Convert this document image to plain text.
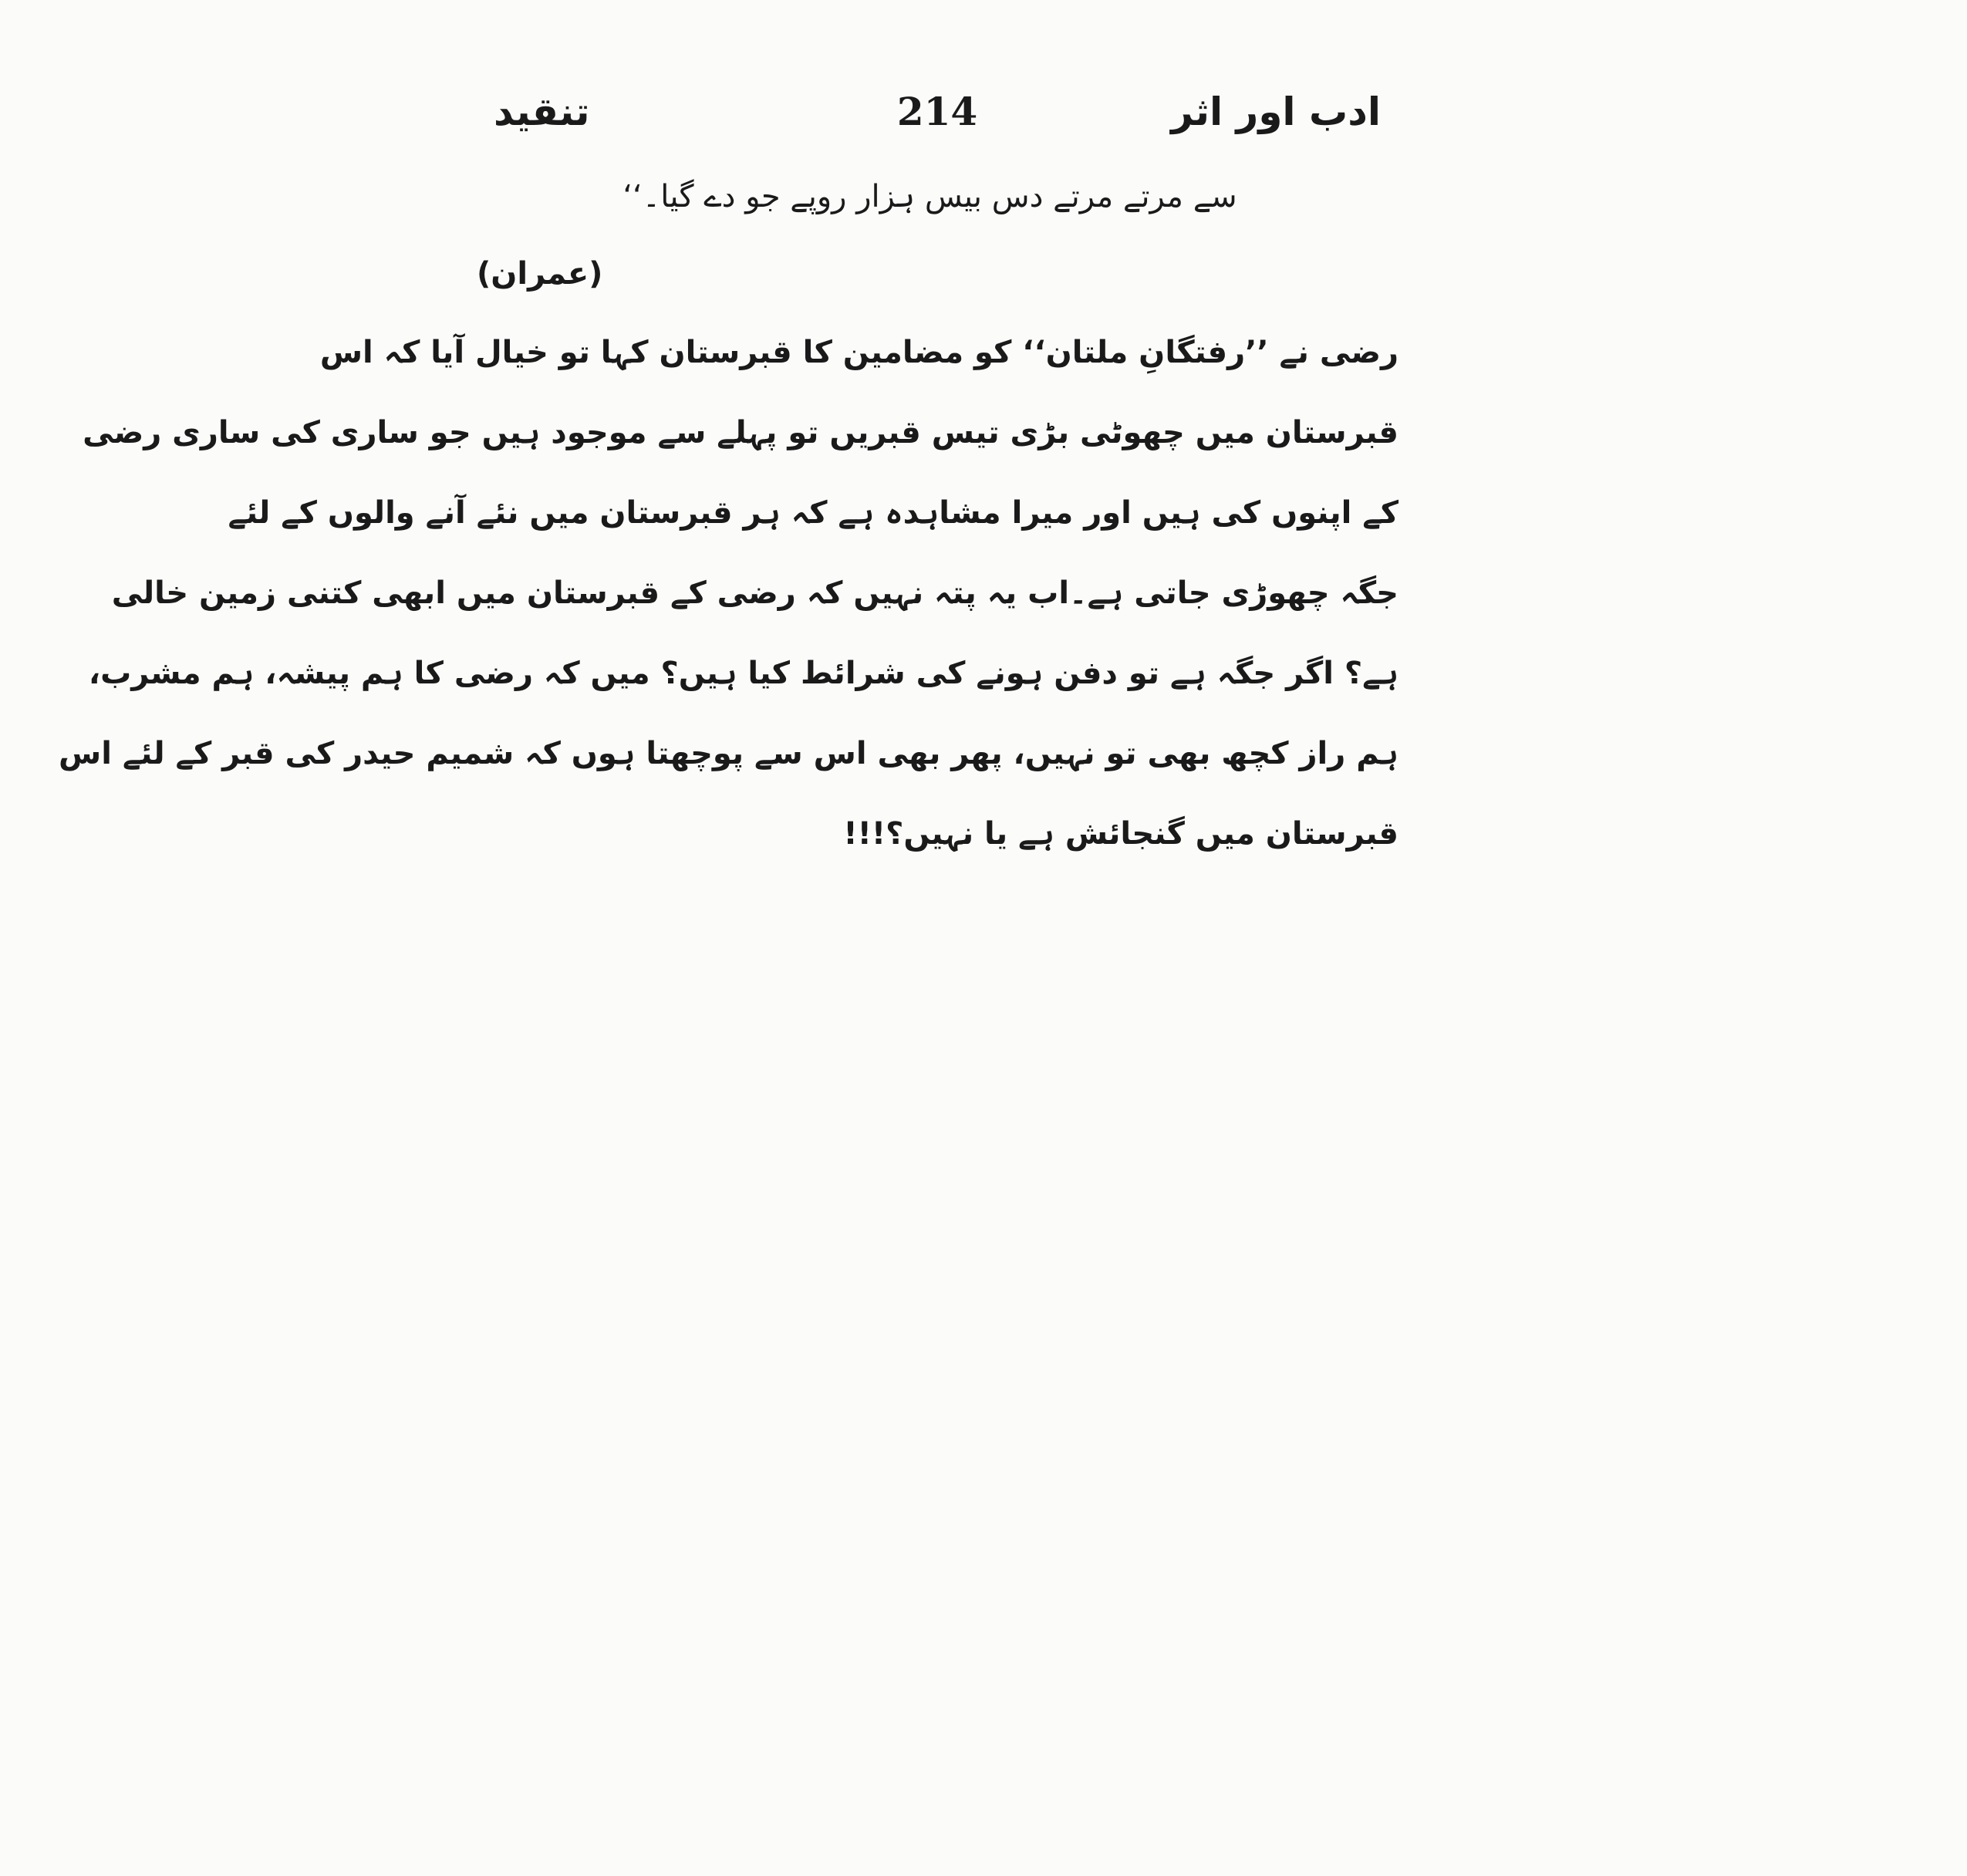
ادب اور اثر
214
تنقید

سے مرتے مرتے دس بیس ہزار روپے جو دے گیا۔‘‘

(عمران)

رضی نے ’’رفتگانِ ملتان‘‘ کو مضامین کا قبرستان کہا تو خیال آیا کہ اس
قبرستان میں چھوٹی بڑی تیس قبریں تو پہلے سے موجود ہیں جو ساری کی ساری رضی
کے اپنوں کی ہیں اور میرا مشاہدہ ہے کہ ہر قبرستان میں نئے آنے والوں کے لئے
جگہ چھوڑی جاتی ہے۔اب یہ پتہ نہیں کہ رضی کے قبرستان میں ابھی کتنی زمین خالی
ہے؟ اگر جگہ ہے تو دفن ہونے کی شرائط کیا ہیں؟ میں کہ رضی کا ہم پیشہ، ہم مشرب،
ہم راز کچھ بھی تو نہیں، پھر بھی اس سے پوچھتا ہوں کہ شمیم حیدر کی قبر کے لئے اس
قبرستان میں گنجائش ہے یا نہیں؟!!!
